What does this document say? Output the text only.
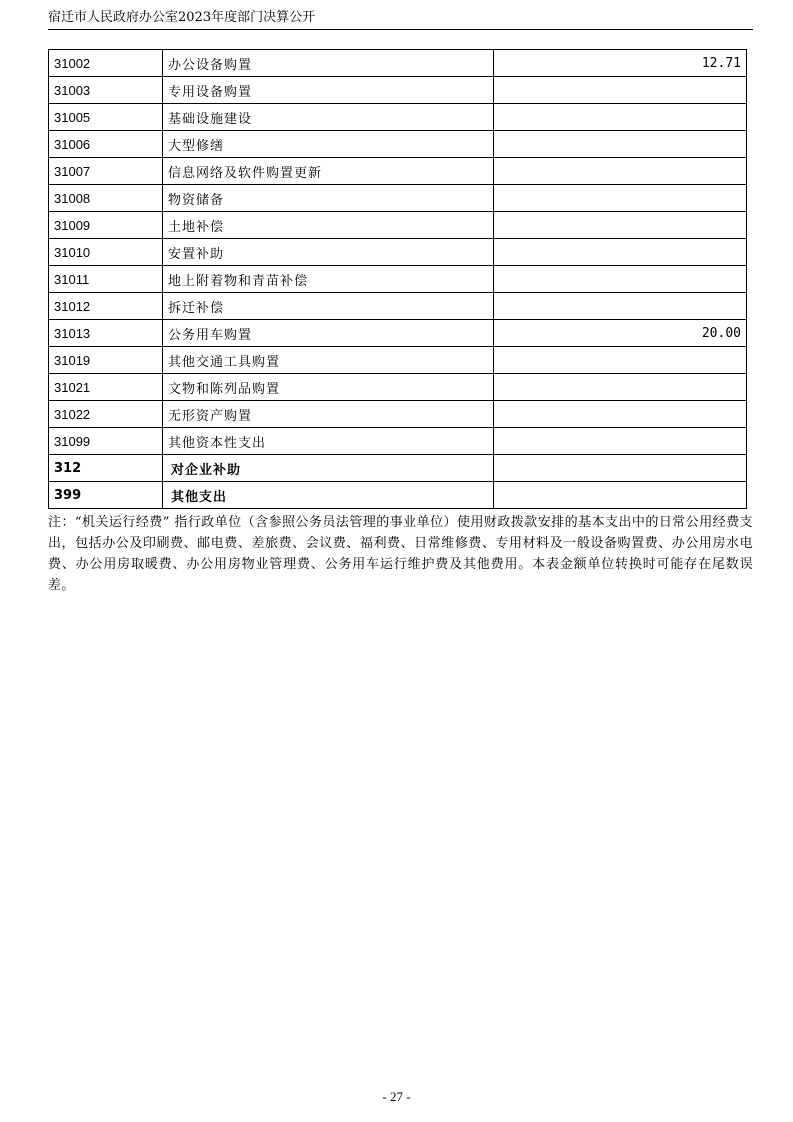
宿迁市人民政府办公室2023年度部门决算公开
31002	办公设备购置	12.71
31003	专用设备购置	
31005	基础设施建设	
31006	大型修缮	
31007	信息网络及软件购置更新	
31008	物资储备	
31009	土地补偿	
31010	安置补助	
31011	地上附着物和青苗补偿	
31012	拆迁补偿	
31013	公务用车购置	20.00
31019	其他交通工具购置	
31021	文物和陈列品购置	
31022	无形资产购置	
31099	其他资本性支出	
312	对企业补助	
399	其他支出	
注：“机关运行经费” 指行政单位（含参照公务员法管理的事业单位）使用财政拨款安排的基本支出中的日常公用经费支出，包括办公及印刷费、邮电费、差旅费、会议费、福利费、日常维修费、专用材料及一般设备购置费、办公用房水电费、办公用房取暖费、办公用房物业管理费、公务用车运行维护费及其他费用。本表金额单位转换时可能存在尾数误差。
- 27 -
